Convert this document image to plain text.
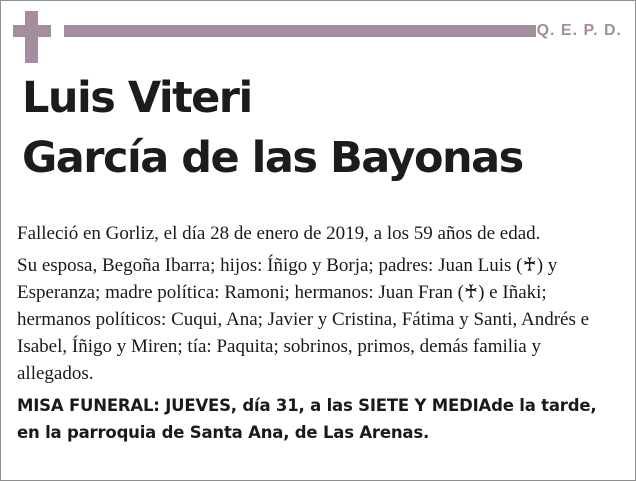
Q. E. P. D.
Luis Viteri
García de las Bayonas

Falleció en Gorliz, el día 28 de enero de 2019, a los 59 años de edad.

Su esposa, Begoña Ibarra; hijos: Íñigo y Borja; padres: Juan Luis (♰) y Esperanza; madre política: Ramoni; hermanos: Juan Fran (♰) e Iñaki; hermanos políticos: Cuqui, Ana; Javier y Cristina, Fátima y Santi, Andrés e Isabel, Íñigo y Miren; tía: Paquita; sobrinos, primos, demás familia y allegados.

MISA FUNERAL: JUEVES, día 31, a las SIETE Y MEDIAde la tarde, en la parroquia de Santa Ana, de Las Arenas.
